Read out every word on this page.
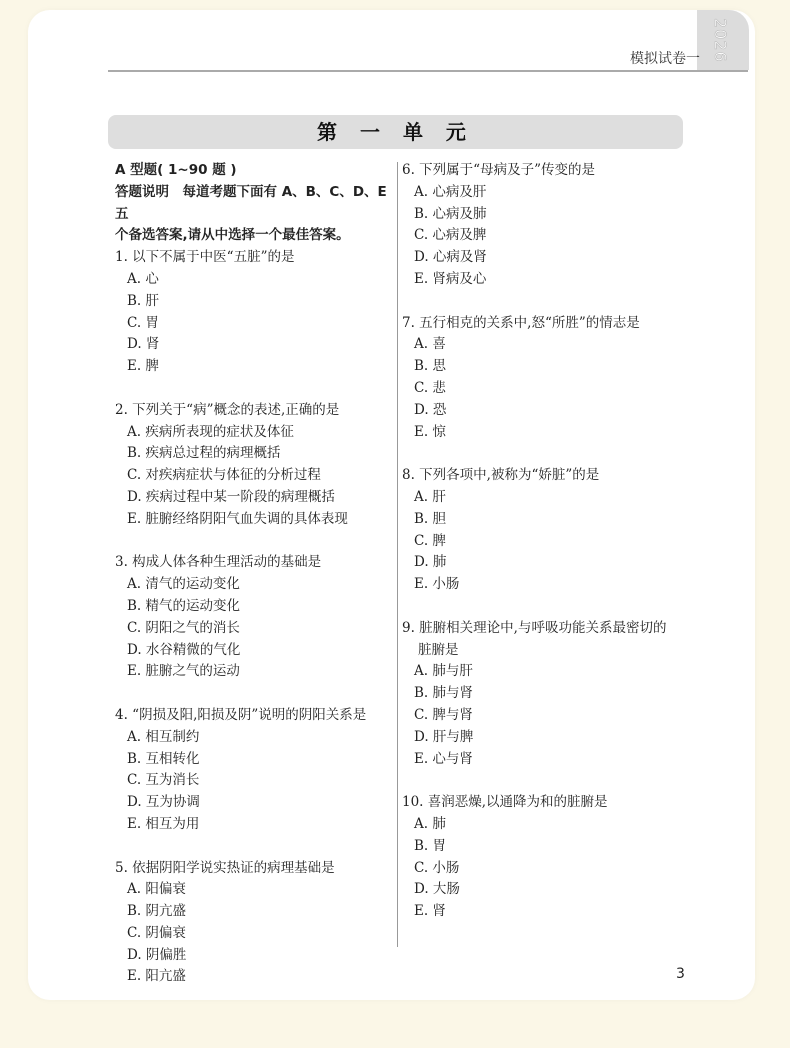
2026
模拟试卷一
第 一 单 元
A 型题( 1~90 题 )
答题说明　每道考题下面有 A、B、C、D、E 五
个备选答案,请从中选择一个最佳答案。
1. 以下不属于中医“五脏”的是
A. 心
B. 肝
C. 胃
D. 肾
E. 脾
2. 下列关于“病”概念的表述,正确的是
A. 疾病所表现的症状及体征
B. 疾病总过程的病理概括
C. 对疾病症状与体征的分析过程
D. 疾病过程中某一阶段的病理概括
E. 脏腑经络阴阳气血失调的具体表现
3. 构成人体各种生理活动的基础是
A. 清气的运动变化
B. 精气的运动变化
C. 阴阳之气的消长
D. 水谷精微的气化
E. 脏腑之气的运动
4. “阴损及阳,阳损及阴”说明的阴阳关系是
A. 相互制约
B. 互相转化
C. 互为消长
D. 互为协调
E. 相互为用
5. 依据阴阳学说实热证的病理基础是
A. 阳偏衰
B. 阴亢盛
C. 阴偏衰
D. 阴偏胜
E. 阳亢盛
6. 下列属于“母病及子”传变的是
A. 心病及肝
B. 心病及肺
C. 心病及脾
D. 心病及肾
E. 肾病及心
7. 五行相克的关系中,怒“所胜”的情志是
A. 喜
B. 思
C. 悲
D. 恐
E. 惊
8. 下列各项中,被称为“娇脏”的是
A. 肝
B. 胆
C. 脾
D. 肺
E. 小肠
9. 脏腑相关理论中,与呼吸功能关系最密切的
脏腑是
A. 肺与肝
B. 肺与肾
C. 脾与肾
D. 肝与脾
E. 心与肾
10. 喜润恶燥,以通降为和的脏腑是
A. 肺
B. 胃
C. 小肠
D. 大肠
E. 肾
3
